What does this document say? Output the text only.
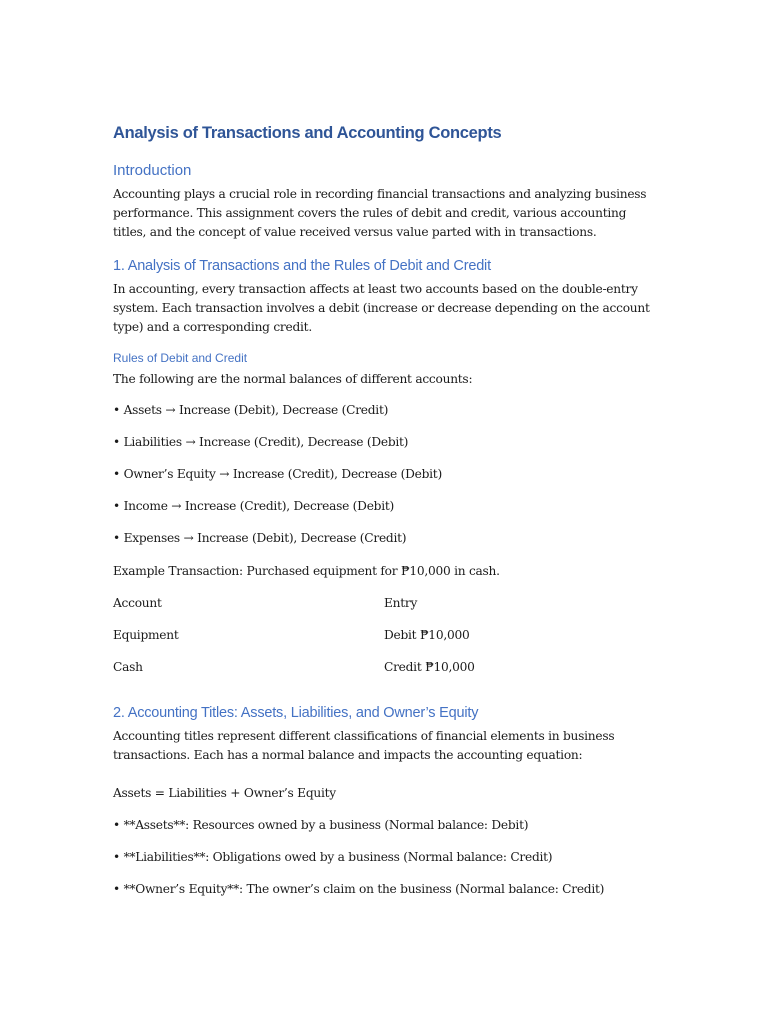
Analysis of Transactions and Accounting Concepts
Introduction
Accounting plays a crucial role in recording financial transactions and analyzing business performance. This assignment covers the rules of debit and credit, various accounting titles, and the concept of value received versus value parted with in transactions.
1. Analysis of Transactions and the Rules of Debit and Credit
In accounting, every transaction affects at least two accounts based on the double-entry system. Each transaction involves a debit (increase or decrease depending on the account type) and a corresponding credit.
Rules of Debit and Credit
The following are the normal balances of different accounts:
• Assets → Increase (Debit), Decrease (Credit)
• Liabilities → Increase (Credit), Decrease (Debit)
• Owner’s Equity → Increase (Credit), Decrease (Debit)
• Income → Increase (Credit), Decrease (Debit)
• Expenses → Increase (Debit), Decrease (Credit)
Example Transaction: Purchased equipment for ₱10,000 in cash.
Account	Entry
Equipment	Debit ₱10,000
Cash	Credit ₱10,000
2. Accounting Titles: Assets, Liabilities, and Owner’s Equity
Accounting titles represent different classifications of financial elements in business transactions. Each has a normal balance and impacts the accounting equation:
Assets = Liabilities + Owner’s Equity
• **Assets**: Resources owned by a business (Normal balance: Debit)
• **Liabilities**: Obligations owed by a business (Normal balance: Credit)
• **Owner’s Equity**: The owner’s claim on the business (Normal balance: Credit)
